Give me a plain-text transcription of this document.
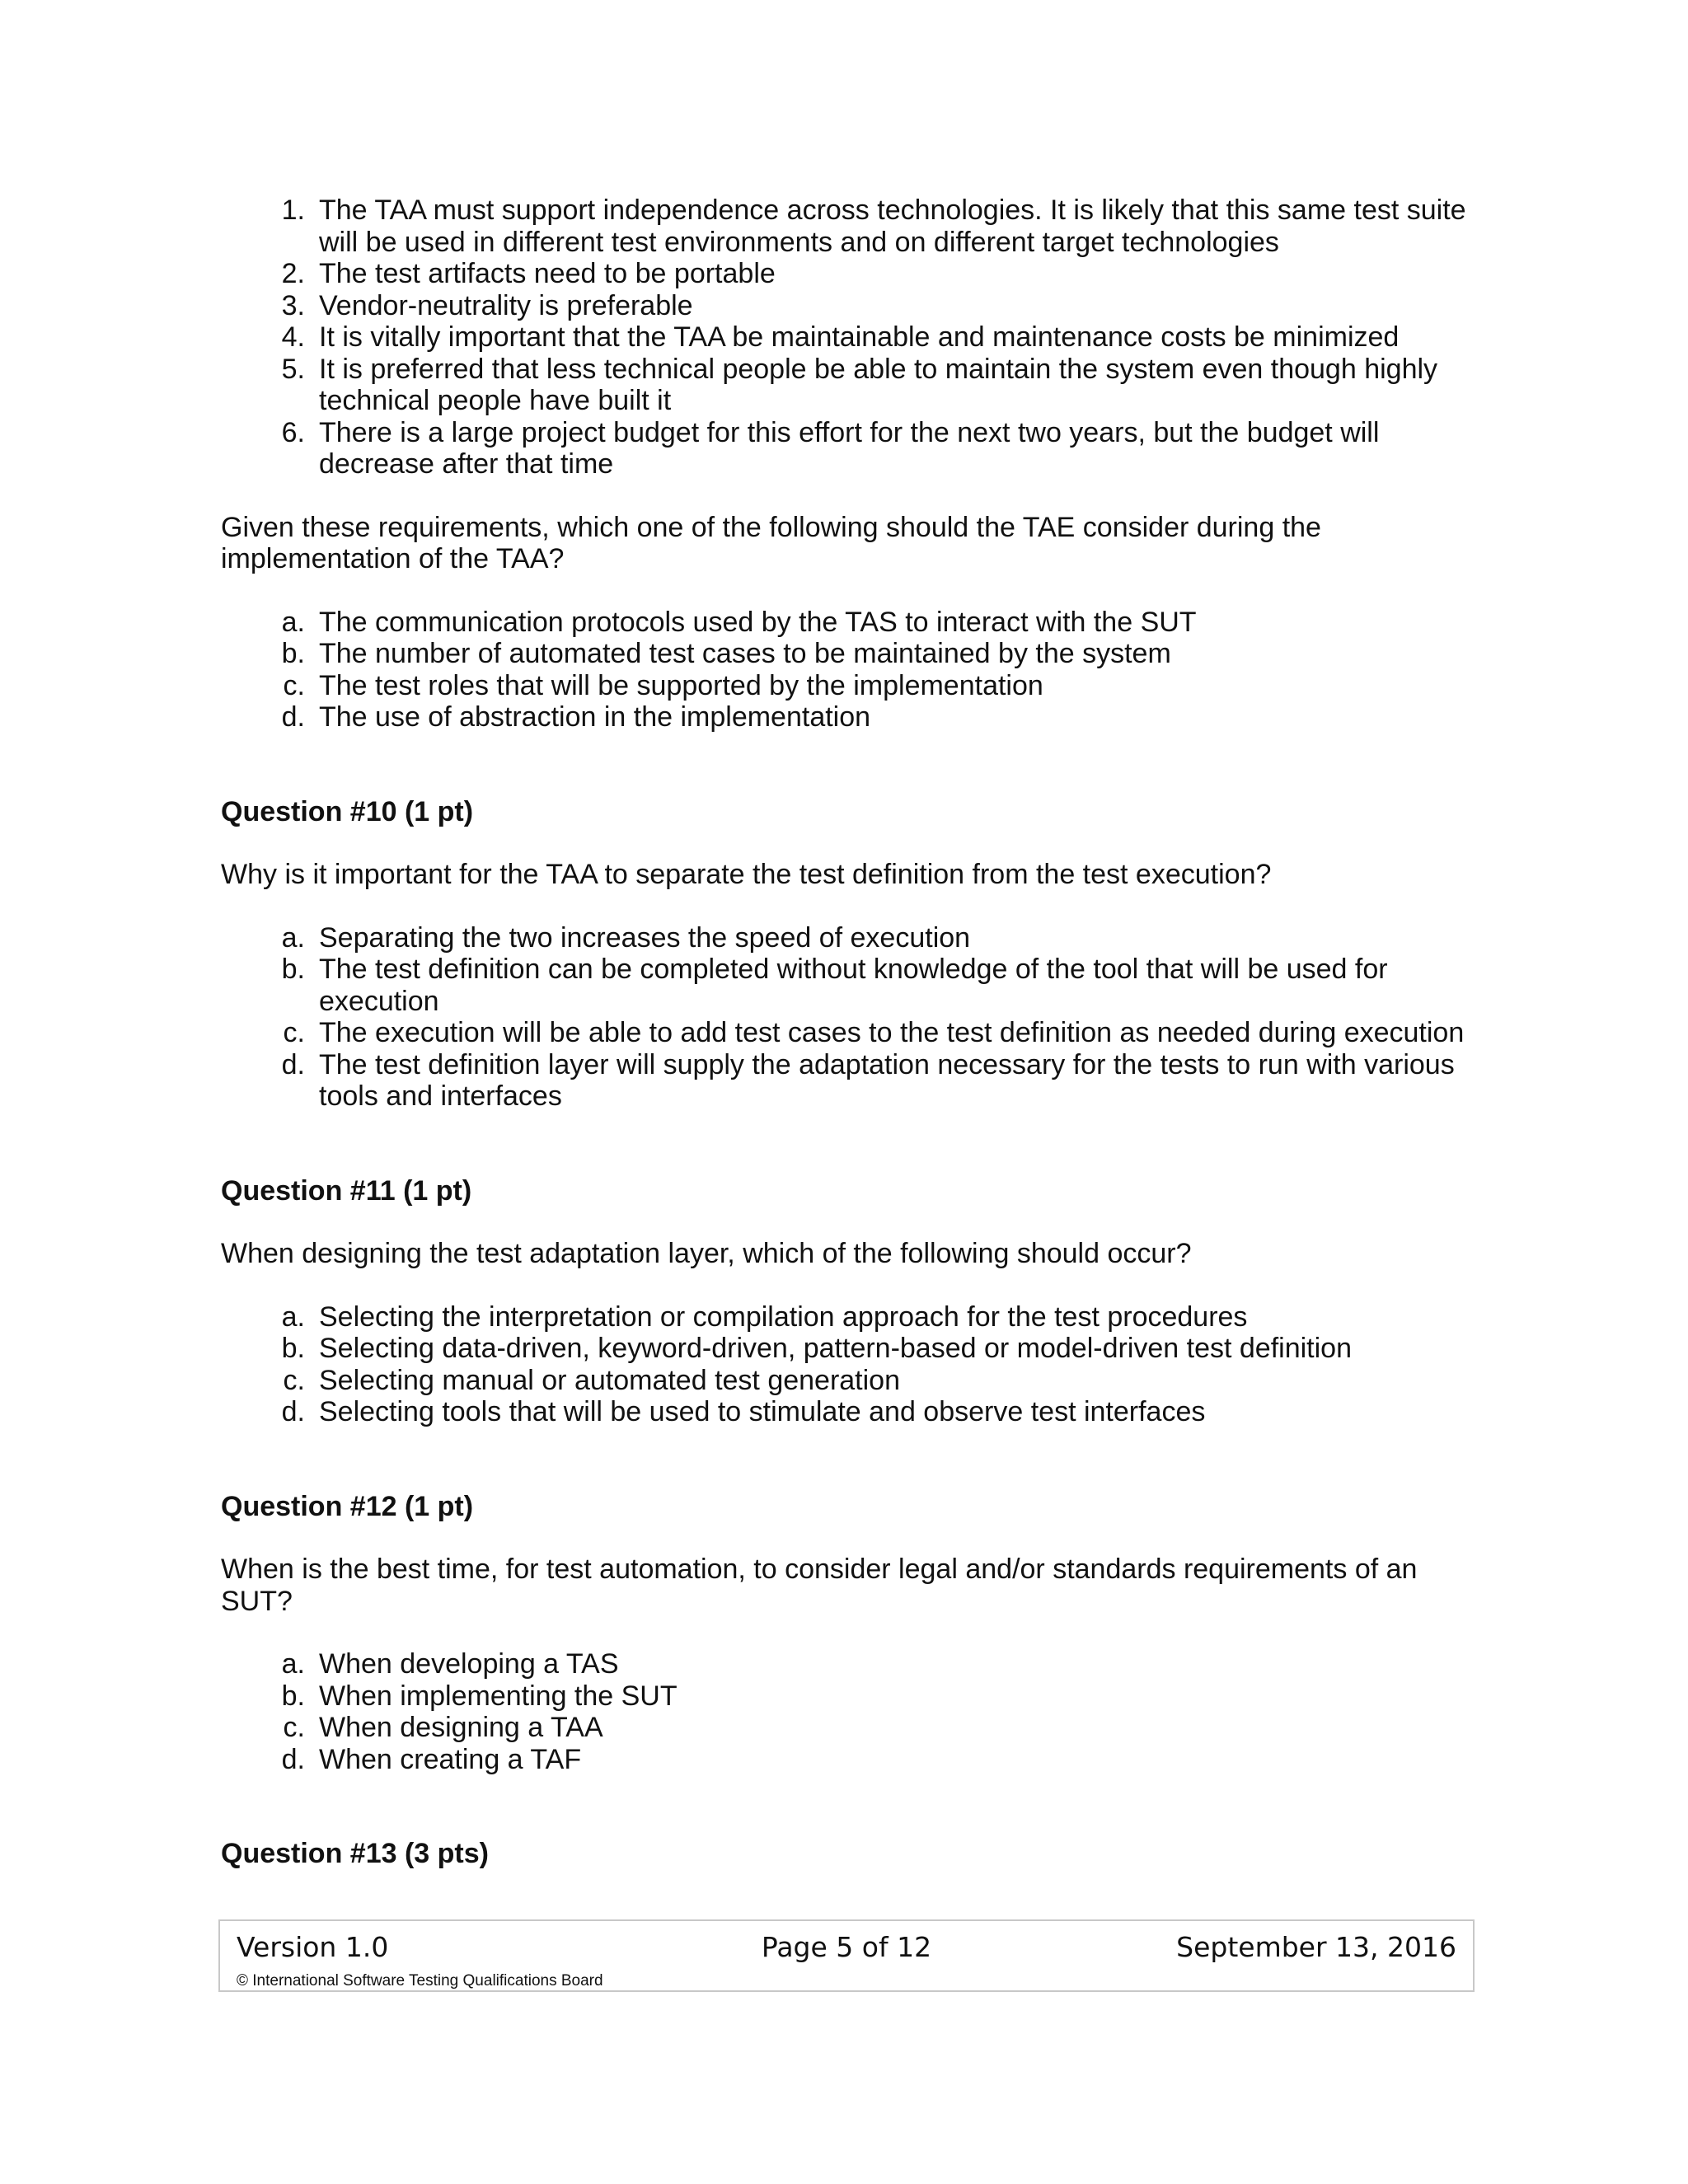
1. The TAA must support independence across technologies. It is likely that this same test suite will be used in different test environments and on different target technologies
2. The test artifacts need to be portable
3. Vendor-neutrality is preferable
4. It is vitally important that the TAA be maintainable and maintenance costs be minimized
5. It is preferred that less technical people be able to maintain the system even though highly technical people have built it
6. There is a large project budget for this effort for the next two years, but the budget will decrease after that time

Given these requirements, which one of the following should the TAE consider during the implementation of the TAA?

a. The communication protocols used by the TAS to interact with the SUT
b. The number of automated test cases to be maintained by the system
c. The test roles that will be supported by the implementation
d. The use of abstraction in the implementation
Question #10 (1 pt)
Why is it important for the TAA to separate the test definition from the test execution?
a. Separating the two increases the speed of execution
b. The test definition can be completed without knowledge of the tool that will be used for execution
c. The execution will be able to add test cases to the test definition as needed during execution
d. The test definition layer will supply the adaptation necessary for the tests to run with various tools and interfaces
Question #11 (1 pt)
When designing the test adaptation layer, which of the following should occur?
a. Selecting the interpretation or compilation approach for the test procedures
b. Selecting data-driven, keyword-driven, pattern-based or model-driven test definition
c. Selecting manual or automated test generation
d. Selecting tools that will be used to stimulate and observe test interfaces
Question #12 (1 pt)
When is the best time, for test automation, to consider legal and/or standards requirements of an SUT?
a. When developing a TAS
b. When implementing the SUT
c. When designing a TAA
d. When creating a TAF
Question #13 (3 pts)
Version 1.0	Page 5 of 12	September 13, 2016
© International Software Testing Qualifications Board
